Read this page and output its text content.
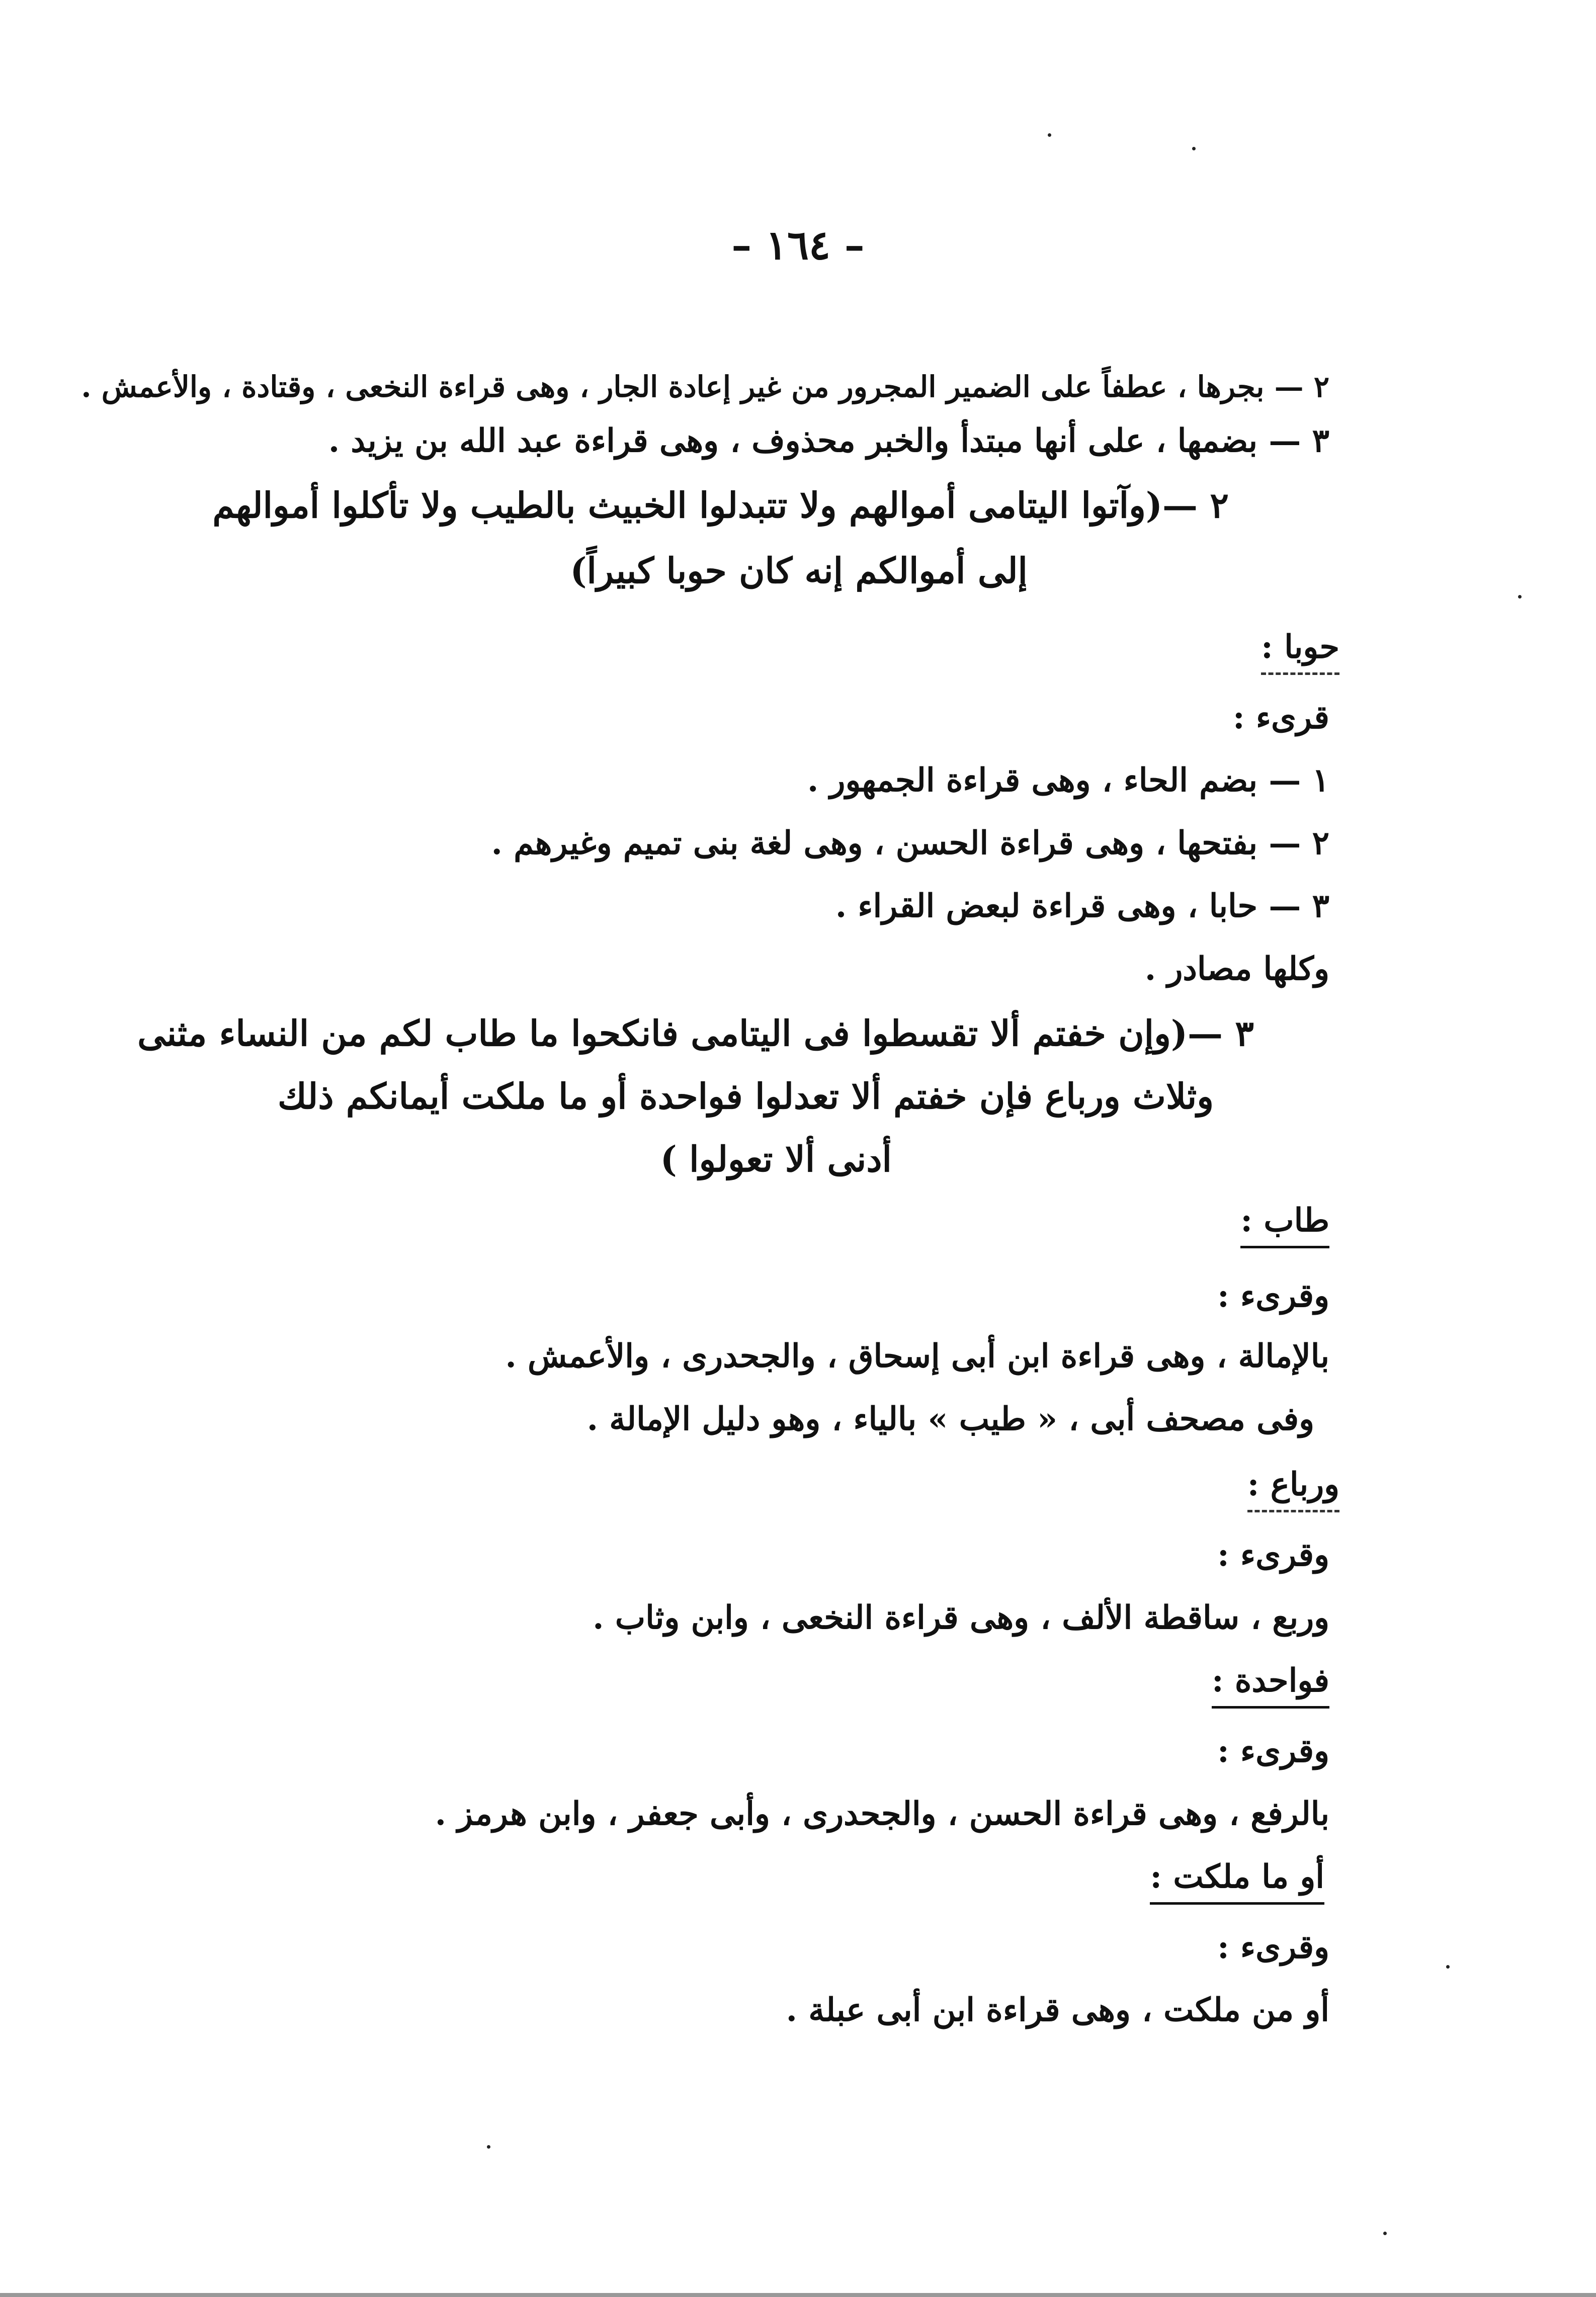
– ١٦٤ –
٢ — بجرها ، عطفاً على الضمير المجرور من غير إعادة الجار ، وهى قراءة النخعى ، وقتادة ، والأعمش .
٣ — بضمها ، على أنها مبتدأ والخبر محذوف ، وهى قراءة عبد الله بن يزيد .
٢ —(وآتوا اليتامى أموالهم ولا تتبدلوا الخبيث بالطيب ولا تأكلوا أموالهم
إلى أموالكم إنه كان حوبا كبيراً)
حوبا :
قرىء :
١ — بضم الحاء ، وهى قراءة الجمهور .
٢ — بفتحها ، وهى قراءة الحسن ، وهى لغة بنى تميم وغيرهم .
٣ — حابا ، وهى قراءة لبعض القراء .
وكلها مصادر .
٣ —(وإن خفتم ألا تقسطوا فى اليتامى فانكحوا ما طاب لكم من النساء مثنى
وثلاث ورباع فإن خفتم ألا تعدلوا فواحدة أو ما ملكت أيمانكم ذلك
أدنى ألا تعولوا )
طاب :
وقرىء :
بالإمالة ، وهى قراءة ابن أبى إسحاق ، والجحدرى ، والأعمش .
وفى مصحف أبى ، « طيب » بالياء ، وهو دليل الإمالة .
ورباع :
وقرىء :
وربع ، ساقطة الألف ، وهى قراءة النخعى ، وابن وثاب .
فواحدة :
وقرىء :
بالرفع ، وهى قراءة الحسن ، والجحدرى ، وأبى جعفر ، وابن هرمز .
أو ما ملكت :
وقرىء :
أو من ملكت ، وهى قراءة ابن أبى عبلة .
